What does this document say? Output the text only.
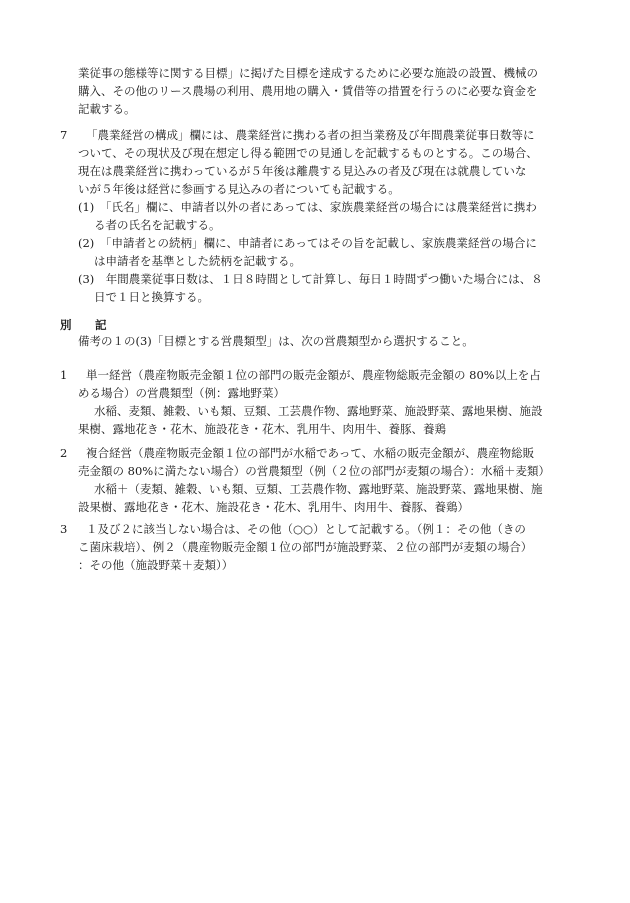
業従事の態様等に関する目標」に掲げた目標を達成するために必要な施設の設置、機械の

購入、その他のリース農場の利用、農用地の購入・賃借等の措置を行うのに必要な資金を

記載する。

7 「農業経営の構成」欄には、農業経営に携わる者の担当業務及び年間農業従事日数等に

ついて、その現状及び現在想定し得る範囲での見通しを記載するものとする。この場合、

現在は農業経営に携わっているが５年後は離農する見込みの者及び現在は就農していな

いが５年後は経営に参画する見込みの者についても記載する。

(1)　「氏名」欄に、申請者以外の者にあっては、家族農業経営の場合には農業経営に携わ

る者の氏名を記載する。

(2)　「申請者との続柄」欄に、申請者にあってはその旨を記載し、家族農業経営の場合に

は申請者を基準とした続柄を記載する。

(3)　年間農業従事日数は、１日８時間として計算し、毎日１時間ずつ働いた場合には、８

日で１日と換算する。

別　記

備考の１の(3)「目標とする営農類型」は、次の営農類型から選択すること。

1 単一経営（農産物販売金額１位の部門の販売金額が、農産物総販売金額の 80%以上を占

める場合）の営農類型（例：露地野菜）

水稲、麦類、雑穀、いも類、豆類、工芸農作物、露地野菜、施設野菜、露地果樹、施設

果樹、露地花き・花木、施設花き・花木、乳用牛、肉用牛、養豚、養鶏

2 複合経営（農産物販売金額１位の部門が水稲であって、水稲の販売金額が、農産物総販

売金額の 80%に満たない場合）の営農類型（例（２位の部門が麦類の場合）：水稲＋麦類）

水稲＋（麦類、雑穀、いも類、豆類、工芸農作物、露地野菜、施設野菜、露地果樹、施

設果樹、露地花き・花木、施設花き・花木、乳用牛、肉用牛、養豚、養鶏）

3 １及び２に該当しない場合は、その他（○○）として記載する。（例１：その他（きの

こ菌床栽培）、例２（農産物販売金額１位の部門が施設野菜、２位の部門が麦類の場合）

：その他（施設野菜＋麦類））
